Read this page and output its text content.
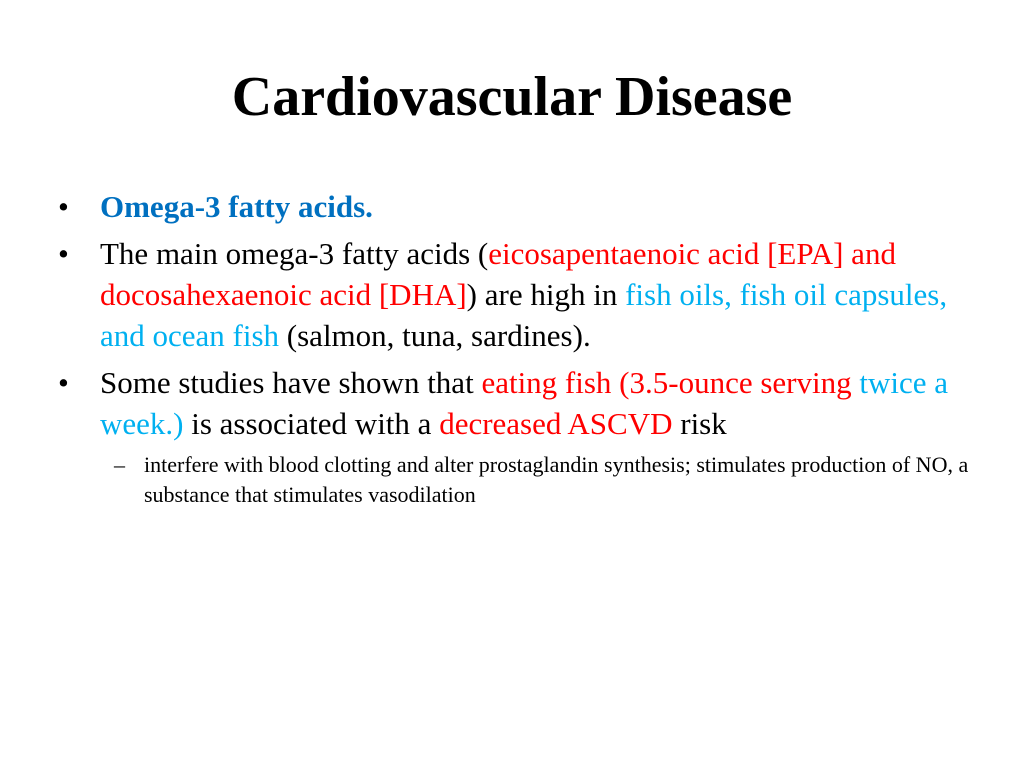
Cardiovascular Disease

•	Omega-3 fatty acids.

•	The main omega-3 fatty acids (eicosapentaenoic acid [EPA] and docosahexaenoic acid [DHA]) are high in fish oils, fish oil capsules, and ocean fish (salmon, tuna, sardines).

•	Some studies have shown that eating fish (3.5-ounce serving twice a week.) is associated with a decreased ASCVD risk

– interfere with blood clotting and alter prostaglandin synthesis; stimulates production of NO, a substance that stimulates vasodilation
